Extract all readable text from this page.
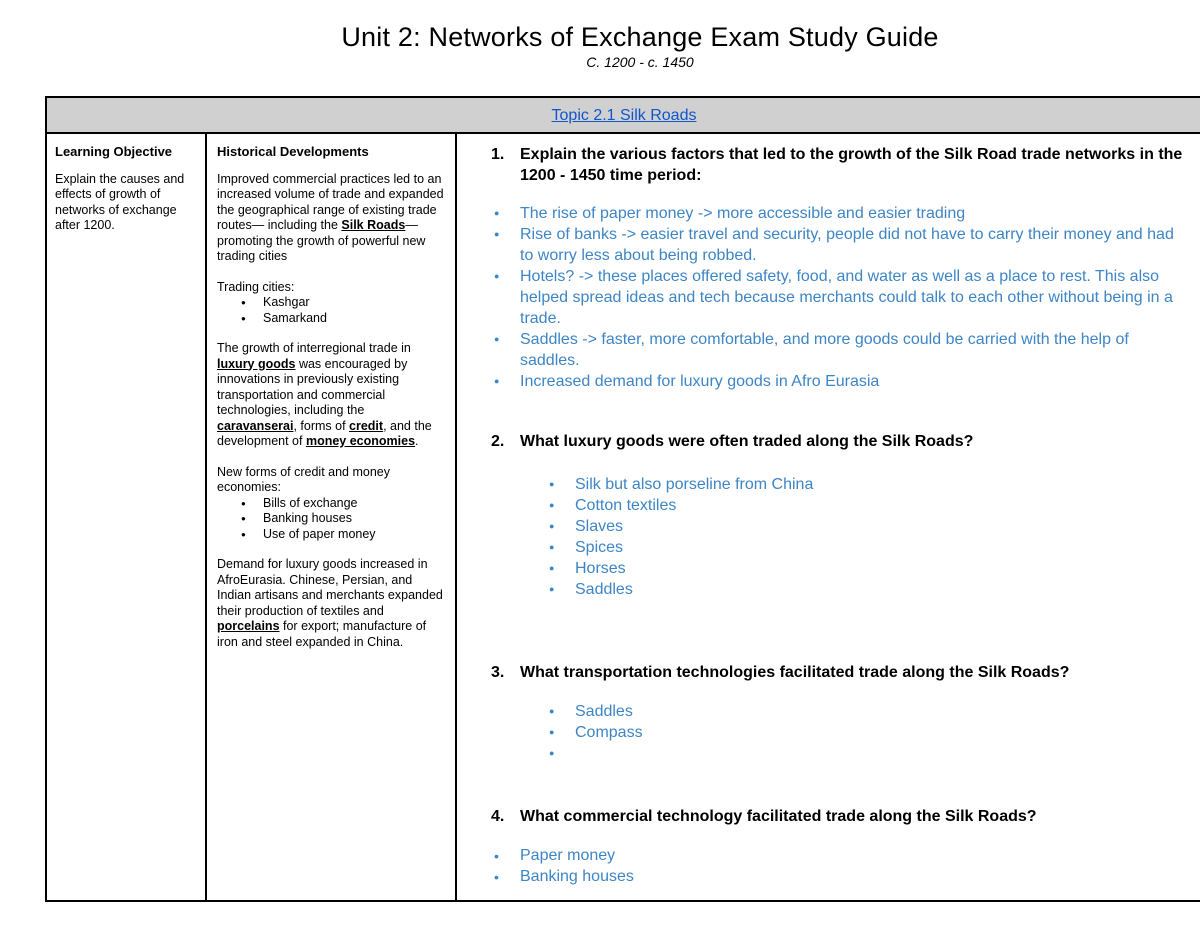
Unit 2: Networks of Exchange Exam Study Guide
C. 1200 - c. 1450
Topic 2.1 Silk Roads
Learning Objective

Explain the causes and effects of growth of networks of exchange after 1200.

Historical Developments

Improved commercial practices led to an increased volume of trade and expanded the geographical range of existing trade routes— including the Silk Roads—promoting the growth of powerful new trading cities

Trading cities:
● Kashgar
● Samarkand

The growth of interregional trade in luxury goods was encouraged by innovations in previously existing transportation and commercial technologies, including the caravanserai, forms of credit, and the development of money economies.

New forms of credit and money economies:
● Bills of exchange
● Banking houses
● Use of paper money

Demand for luxury goods increased in AfroEurasia. Chinese, Persian, and Indian artisans and merchants expanded their production of textiles and porcelains for export; manufacture of iron and steel expanded in China.

1. Explain the various factors that led to the growth of the Silk Road trade networks in the 1200 - 1450 time period:
● The rise of paper money -> more accessible and easier trading
● Rise of banks -> easier travel and security, people did not have to carry their money and had to worry less about being robbed.
● Hotels? -> these places offered safety, food, and water as well as a place to rest. This also helped spread ideas and tech because merchants could talk to each other without being in a trade.
● Saddles -> faster, more comfortable, and more goods could be carried with the help of saddles.
● Increased demand for luxury goods in Afro Eurasia
2. What luxury goods were often traded along the Silk Roads?
● Silk but also porseline from China
● Cotton textiles
● Slaves
● Spices
● Horses
● Saddles
3. What transportation technologies facilitated trade along the Silk Roads?
● Saddles
● Compass
●
4. What commercial technology facilitated trade along the Silk Roads?
• Paper money
• Banking houses
